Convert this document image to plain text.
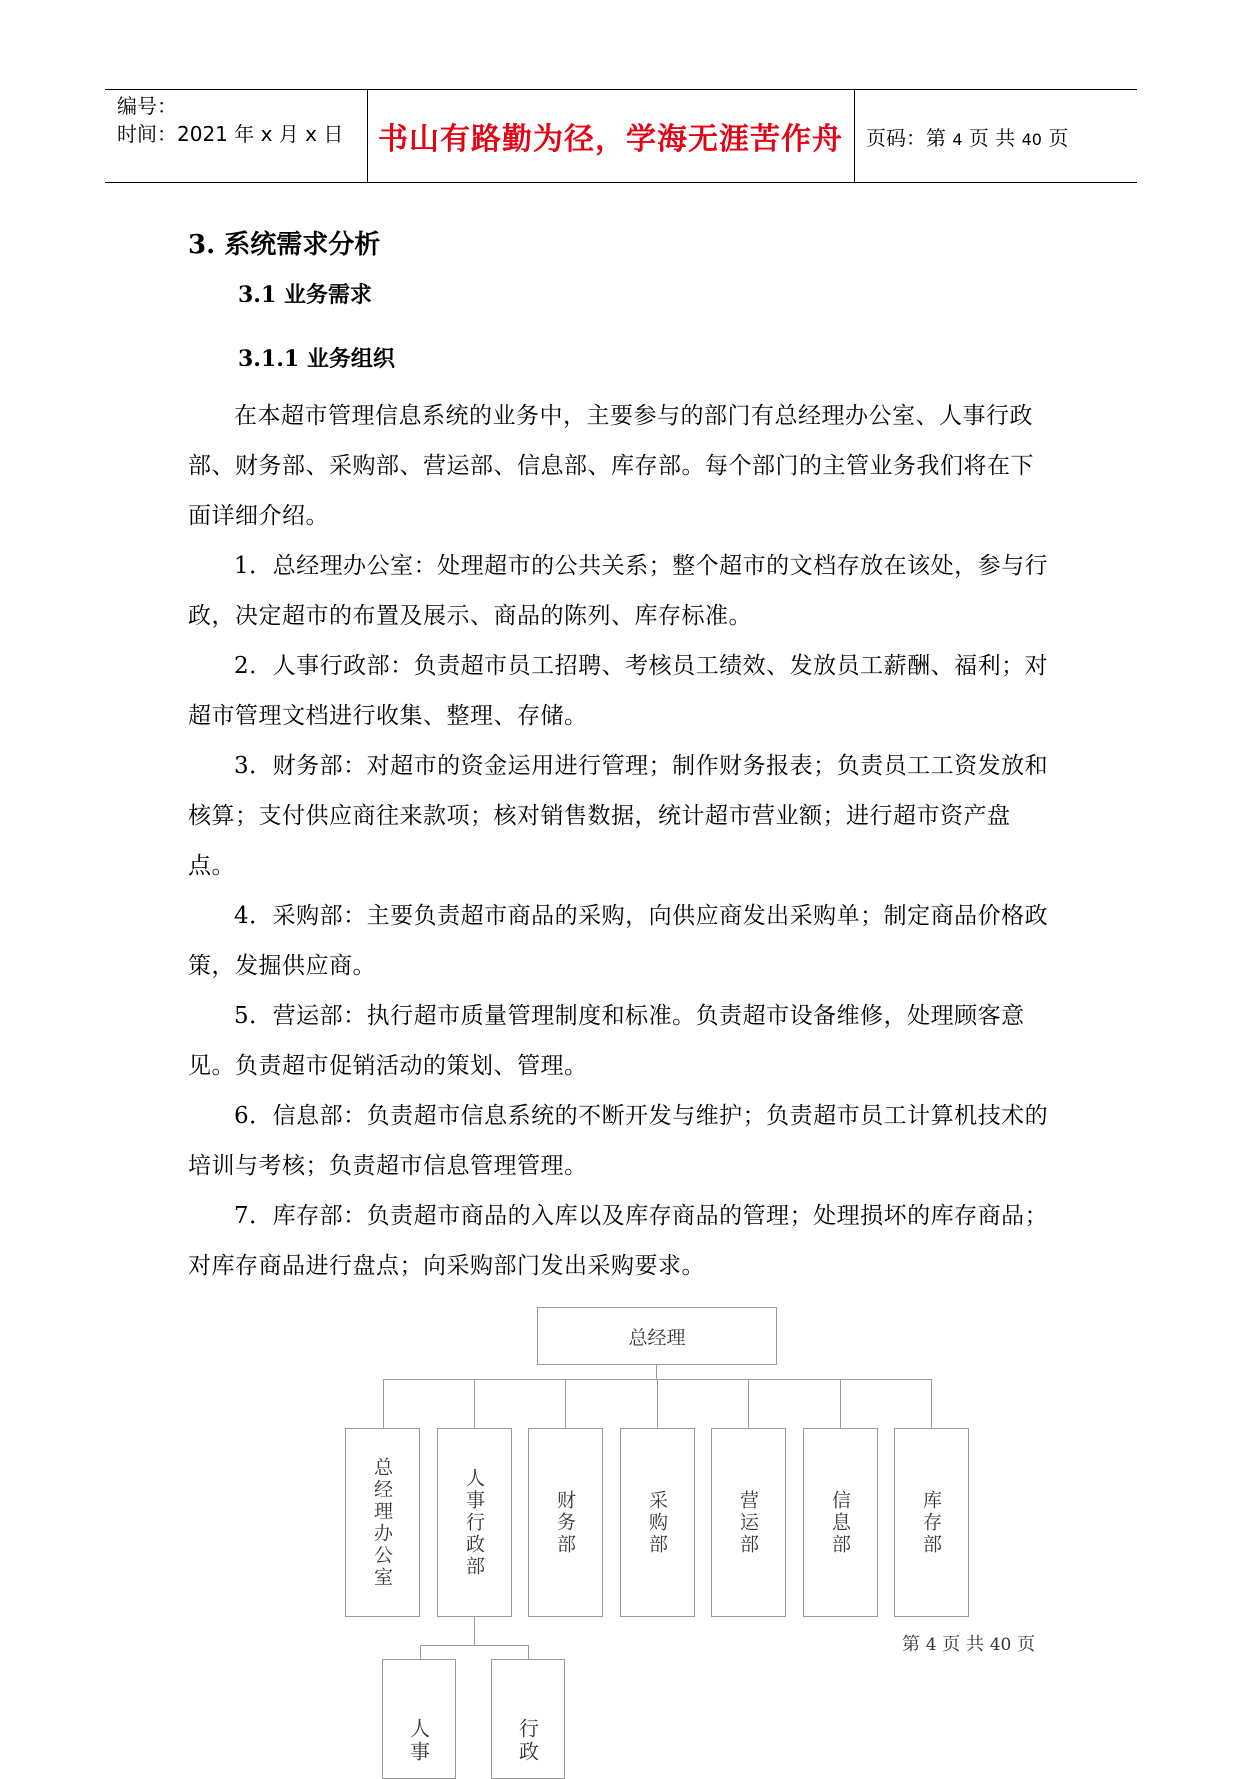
编号：
时间：2021 年 x 月 x 日	书山有路勤为径，学海无涯苦作舟	页码：第 4 页 共 40 页
3. 系统需求分析
3.1 业务需求
3.1.1 业务组织

在本超市管理信息系统的业务中，主要参与的部门有总经理办公室、人事行政部、财务部、采购部、营运部、信息部、库存部。每个部门的主管业务我们将在下面详细介绍。

1．总经理办公室：处理超市的公共关系；整个超市的文档存放在该处，参与行政，决定超市的布置及展示、商品的陈列、库存标准。

2．人事行政部：负责超市员工招聘、考核员工绩效、发放员工薪酬、福利；对超市管理文档进行收集、整理、存储。

3．财务部：对超市的资金运用进行管理；制作财务报表；负责员工工资发放和核算；支付供应商往来款项；核对销售数据，统计超市营业额；进行超市资产盘点。

4．采购部：主要负责超市商品的采购，向供应商发出采购单；制定商品价格政策，发掘供应商。

5．营运部：执行超市质量管理制度和标准。负责超市设备维修，处理顾客意见。负责超市促销活动的策划、管理。

6．信息部：负责超市信息系统的不断开发与维护；负责超市员工计算机技术的培训与考核；负责超市信息管理管理。

7．库存部：负责超市商品的入库以及库存商品的管理；处理损坏的库存商品；对库存商品进行盘点；向采购部门发出采购要求。

总经理
总经理办公室	人事行政部	财务部	采购部	营运部	信息部	库存部
人事	行政
第 4 页 共 40 页
